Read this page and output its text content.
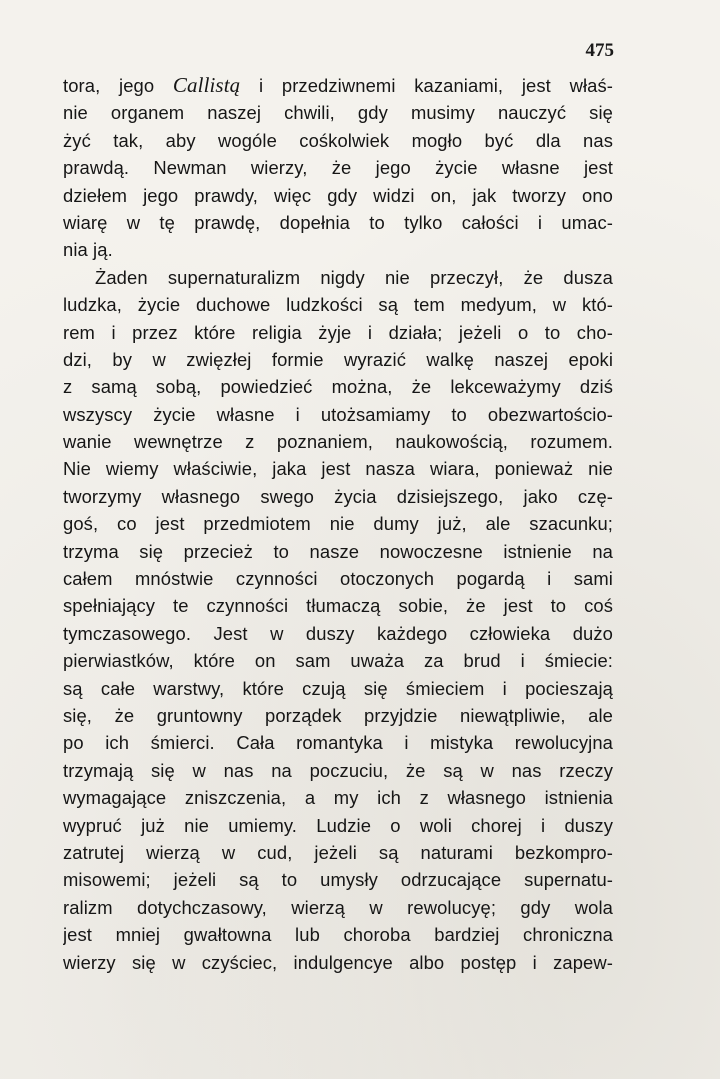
475
tora, jego Callistą i przedziwnemi kazaniami, jest właś-
nie organem naszej chwili, gdy musimy nauczyć się
żyć tak, aby wogóle cośkolwiek mogło być dla nas
prawdą. Newman wierzy, że jego życie własne jest
dziełem jego prawdy, więc gdy widzi on, jak tworzy ono
wiarę w tę prawdę, dopełnia to tylko całości i umac-
nia ją.
Żaden supernaturalizm nigdy nie przeczył, że dusza
ludzka, życie duchowe ludzkości są tem medyum, w któ-
rem i przez które religia żyje i działa; jeżeli o to cho-
dzi, by w zwięzłej formie wyrazić walkę naszej epoki
z samą sobą, powiedzieć można, że lekceważymy dziś
wszyscy życie własne i utożsamiamy to obezwartościo-
wanie wewnętrze z poznaniem, naukowością, rozumem.
Nie wiemy właściwie, jaka jest nasza wiara, ponieważ nie
tworzymy własnego swego życia dzisiejszego, jako czę-
goś, co jest przedmiotem nie dumy już, ale szacunku;
trzyma się przecież to nasze nowoczesne istnienie na
całem mnóstwie czynności otoczonych pogardą i sami
spełniający te czynności tłumaczą sobie, że jest to coś
tymczasowego. Jest w duszy każdego człowieka dużo
pierwiastków, które on sam uważa za brud i śmiecie:
są całe warstwy, które czują się śmieciem i pocieszają
się, że gruntowny porządek przyjdzie niewątpliwie, ale
po ich śmierci. Cała romantyka i mistyka rewolucyjna
trzymają się w nas na poczuciu, że są w nas rzeczy
wymagające zniszczenia, a my ich z własnego istnienia
wypruć już nie umiemy. Ludzie o woli chorej i duszy
zatrutej wierzą w cud, jeżeli są naturami bezkompro-
misowemi; jeżeli są to umysły odrzucające supernatu-
ralizm dotychczasowy, wierzą w rewolucyę; gdy wola
jest mniej gwałtowna lub choroba bardziej chroniczna
wierzy się w czyściec, indulgencye albo postęp i zapew-
